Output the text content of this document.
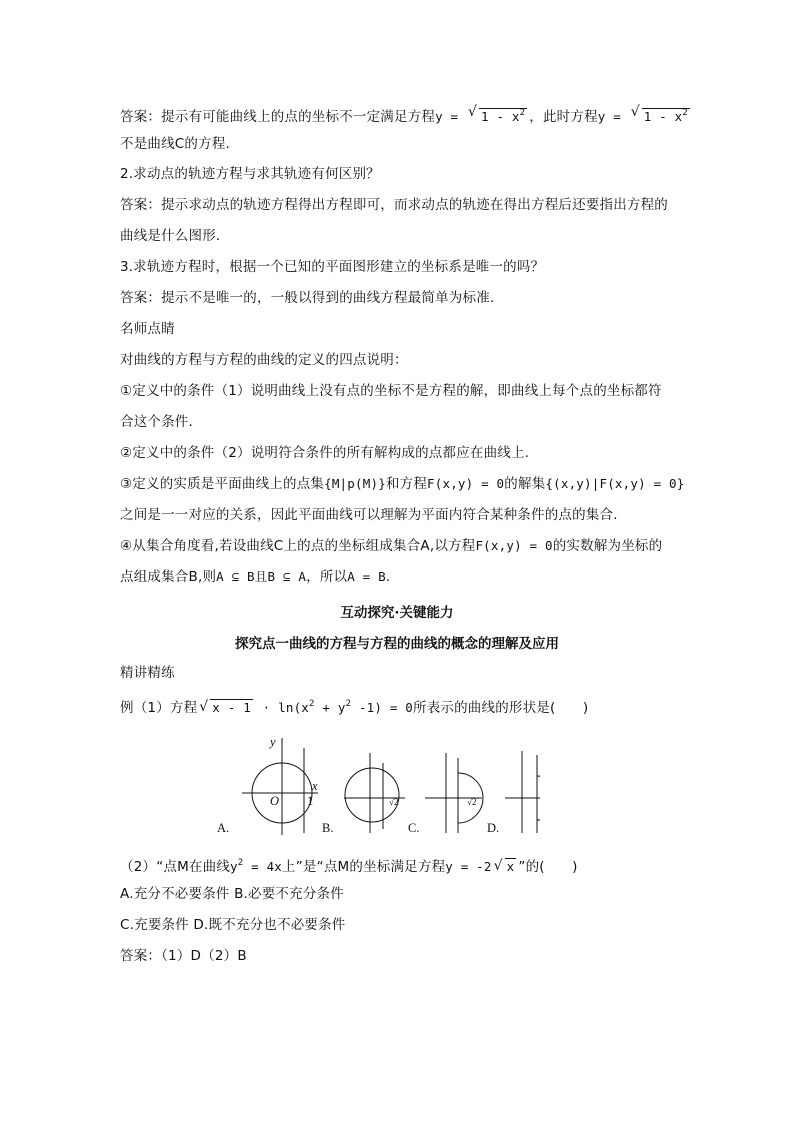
答案：提示有可能曲线上的点的坐标不一定满足方程y = √ $1 - x^2$ ，此时方程y = √ $1 - x^2$
不是曲线C的方程.
2.求动点的轨迹方程与求其轨迹有何区别？
答案：提示求动点的轨迹方程得出方程即可，而求动点的轨迹在得出方程后还要指出方程的
曲线是什么图形.
3.求轨迹方程时，根据一个已知的平面图形建立的坐标系是唯一的吗？
答案：提示不是唯一的，一般以得到的曲线方程最简单为标准.
名师点睛
对曲线的方程与方程的曲线的定义的四点说明：
①定义中的条件（1）说明曲线上没有点的坐标不是方程的解，即曲线上每个点的坐标都符
合这个条件.
②定义中的条件（2）说明符合条件的所有解构成的点都应在曲线上.
③定义的实质是平面曲线上的点集{M|p(M)}和方程F(x,y) = 0的解集{(x,y)|F(x,y) = 0}
之间是一一对应的关系，因此平面曲线可以理解为平面内符合某种条件的点的集合.
④从集合角度看,若设曲线C上的点的坐标组成集合A,以方程F(x,y) = 0的实数解为坐标的
点组成集合B,则A ⊆ B且B ⊆ A，所以A = B.
互动探究·关键能力
探究点一曲线的方程与方程的曲线的概念的理解及应用
精讲精练
例（1）方程 √ $x - 1 \cdot \ln(x^2 + y^2$ -1) = 0所表示的曲线的形状是(　　)
A.	B.	C.	D.
y
x
O 1	√2	√2
（2）“点M在曲线$y^2 = 4x$上”是“点M的坐标满足方程y = -2 √ x ”的(　　)
A.充分不必要条件 B.必要不充分条件
C.充要条件 D.既不充分也不必要条件
答案：（1）D（2）B
